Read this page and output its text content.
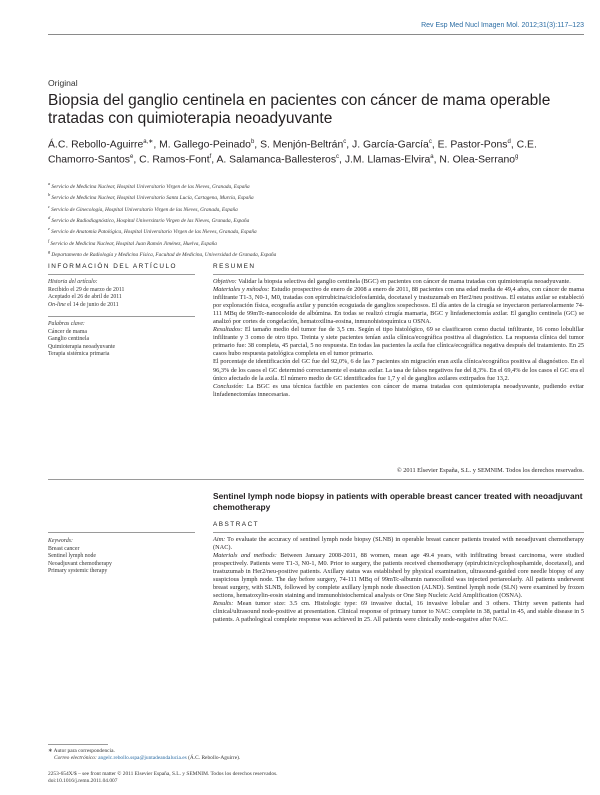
Rev Esp Med Nucl Imagen Mol. 2012;31(3):117–123
Original
Biopsia del ganglio centinela en pacientes con cáncer de mama operable tratadas con quimioterapia neoadyuvante
Á.C. Rebollo-Aguirre$^{a,∗}$, M. Gallego-Peinado$^b$, S. Menjón-Beltrán$^c$, J. García-García$^c$, E. Pastor-Pons$^d$, C.E. Chamorro-Santos$^e$, C. Ramos-Font$^f$, A. Salamanca-Ballesteros$^c$, J.M. Llamas-Elvira$^a$, N. Olea-Serrano$^g$
$^a$ Servicio de Medicina Nuclear, Hospital Universitario Virgen de las Nieves, Granada, España
$^b$ Servicio de Medicina Nuclear, Hospital Universitario Santa Lucía, Cartagena, Murcia, España
$^c$ Servicio de Ginecología, Hospital Universitario Virgen de las Nieves, Granada, España
$^d$ Servicio de Radiodiagnóstico, Hospital Universitario Virgen de las Nieves, Granada, España
$^e$ Servicio de Anatomía Patológica, Hospital Universitario Virgen de las Nieves, Granada, España
$^f$ Servicio de Medicina Nuclear, Hospital Juan Ramón Jiménez, Huelva, España
$^g$ Departamento de Radiología y Medicina Física, Facultad de Medicina, Universidad de Granada, España
INFORMACIÓN DEL ARTÍCULO
Historia del artículo:
Recibido el 29 de marzo de 2011
Aceptado el 26 de abril de 2011
On-line el 14 de junio de 2011
Palabras clave:
Cáncer de mama
Ganglio centinela
Quimioterapia neoadyuvante
Terapia sistémica primaria
RESUMEN
Objetivo: Validar la biopsia selectiva del ganglio centinela (BGC) en pacientes con cáncer de mama tratadas con quimioterapia neoadyuvante.
Materiales y métodos: Estudio prospectivo de enero de 2008 a enero de 2011, 88 pacientes con una edad media de 49,4 años, con cáncer de mama infiltrante T1-3, N0-1, M0, tratadas con epirrubicina/ciclofosfamida, docetaxel y trastuzumab en Her2/neu positivas. El estatus axilar se estableció por exploración física, ecografía axilar y punción ecoguiada de ganglios sospechosos. El día antes de la cirugía se inyectaron periareolarmente 74-111 MBq de 99mTc-nanocoloide de albúmina. En todas se realizó cirugía mamaria, BGC y linfadenectomía axilar. El ganglio centinela (GC) se analizó por cortes de congelación, hematoxilina-eosina, inmunohistoquímica u OSNA.
Resultados: El tamaño medio del tumor fue de 3,5 cm. Según el tipo histológico, 69 se clasificaron como ductal infiltrante, 16 como lobulillar infiltrante y 3 como de otro tipo. Treinta y siete pacientes tenían axila clínica/ecográfica positiva al diagnóstico. La respuesta clínica del tumor primario fue: 38 completa, 45 parcial, 5 no respuesta. En todas las pacientes la axila fue clínica/ecográfica negativa después del tratamiento. En 25 casos hubo respuesta patológica completa en el tumor primario.
El porcentaje de identificación del GC fue del 92,0%, 6 de las 7 pacientes sin migración eran axila clínica/ecográfica positiva al diagnóstico. En el 96,3% de los casos el GC determinó correctamente el estatus axilar. La tasa de falsos negativos fue del 8,3%. En el 69,4% de los casos el GC era el único afectado de la axila. El número medio de GC identificados fue 1,7 y el de ganglios axilares extirpados fue 13,2.
Conclusión: La BGC es una técnica factible en pacientes con cáncer de mama tratadas con quimioterapia neoadyuvante, pudiendo evitar linfadenectomías innecesarias.
© 2011 Elsevier España, S.L. y SEMNIM. Todos los derechos reservados.
Sentinel lymph node biopsy in patients with operable breast cancer treated with neoadjuvant chemotherapy
ABSTRACT
Keywords:
Breast cancer
Sentinel lymph node
Neoadjuvant chemotherapy
Primary systemic therapy
Aim: To evaluate the accuracy of sentinel lymph node biopsy (SLNB) in operable breast cancer patients treated with neoadjuvant chemotherapy (NAC).
Materials and methods: Between January 2008-2011, 88 women, mean age 49.4 years, with infiltrating breast carcinoma, were studied prospectively. Patients were T1-3, N0-1, M0. Prior to surgery, the patients received chemotherapy (epirubicin/cyclophosphamide, docetaxel), and trastuzumab in Her2/neu-positive patients. Axillary status was established by physical examination, ultrasound-guided core needle biopsy of any suspicious lymph node. The day before surgery, 74-111 MBq of 99mTc-albumin nanocolloid was injected periareolarly. All patients underwent breast surgery, with SLNB, followed by complete axillary lymph node dissection (ALND). Sentinel lymph node (SLN) were examined by frozen sections, hematoxylin-eosin staining and immunohistochemical analysis or One Step Nucleic Acid Amplification (OSNA).
Results: Mean tumor size: 3.5 cm. Histologic type: 69 invasive ductal, 16 invasive lobular and 3 others. Thirty seven patients had clinical/ultrasound node-positive at presentation. Clinical response of primary tumor to NAC: complete in 38, partial in 45, and stable disease in 5 patients. A pathological complete response was achieved in 25. All patients were clinically node-negative after NAC.
∗ Autor para correspondencia.
Correo electrónico: angelc.rebollo.sspa@juntadeandalucia.es (Á.C. Rebollo-Aguirre).
2253-654X/$ – see front matter © 2011 Elsevier España, S.L. y SEMNIM. Todos los derechos reservados.
doi:10.1016/j.remn.2011.04.007
